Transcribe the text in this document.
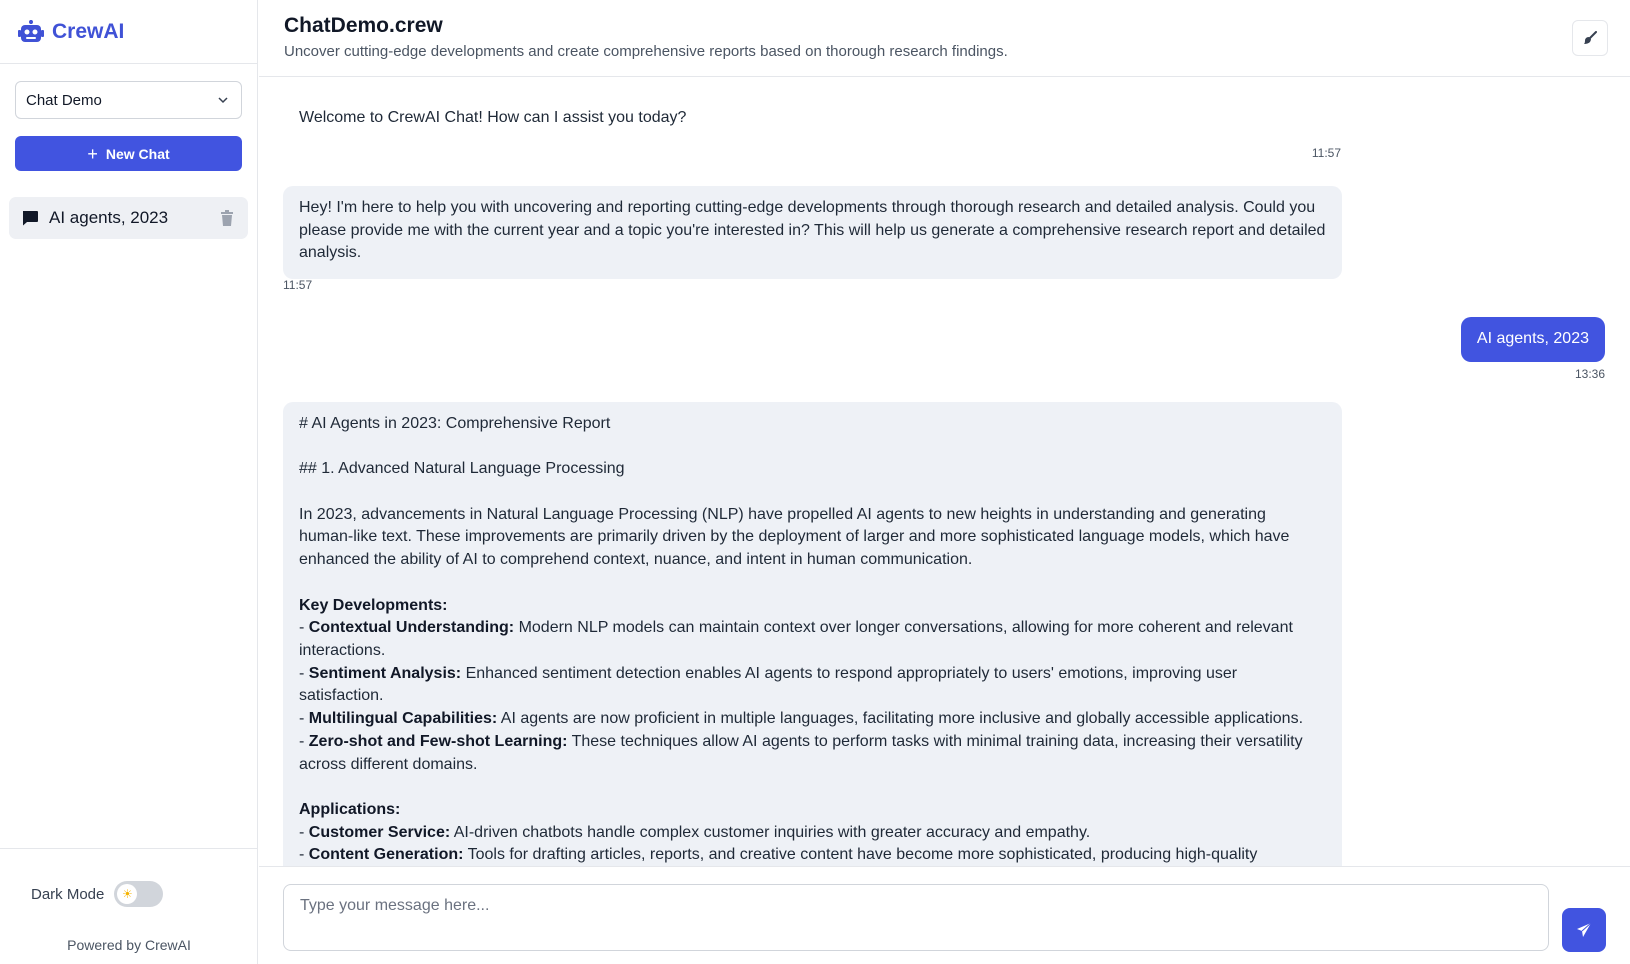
CrewAI
Chat Demo
+ New Chat
AI agents, 2023
Dark Mode	☀
Powered by CrewAI
ChatDemo.crew
Uncover cutting-edge developments and create comprehensive reports based on thorough research findings.
Welcome to CrewAI Chat! How can I assist you today?
11:57
Hey! I'm here to help you with uncovering and reporting cutting-edge developments through thorough research and detailed analysis. Could you please provide me with the current year and a topic you're interested in? This will help us generate a comprehensive research report and detailed analysis.
11:57
AI agents, 2023
13:36
# AI Agents in 2023: Comprehensive Report
## 1. Advanced Natural Language Processing
In 2023, advancements in Natural Language Processing (NLP) have propelled AI agents to new heights in understanding and generating
human-like text. These improvements are primarily driven by the deployment of larger and more sophisticated language models, which have
enhanced the ability of AI to comprehend context, nuance, and intent in human communication.
Key Developments:
- Contextual Understanding: Modern NLP models can maintain context over longer conversations, allowing for more coherent and relevant
interactions.
- Sentiment Analysis: Enhanced sentiment detection enables AI agents to respond appropriately to users' emotions, improving user
satisfaction.
- Multilingual Capabilities: AI agents are now proficient in multiple languages, facilitating more inclusive and globally accessible applications.
- Zero-shot and Few-shot Learning: These techniques allow AI agents to perform tasks with minimal training data, increasing their versatility
across different domains.
Applications:
- Customer Service: AI-driven chatbots handle complex customer inquiries with greater accuracy and empathy.
- Content Generation: Tools for drafting articles, reports, and creative content have become more sophisticated, producing high-quality
Type your message here...
